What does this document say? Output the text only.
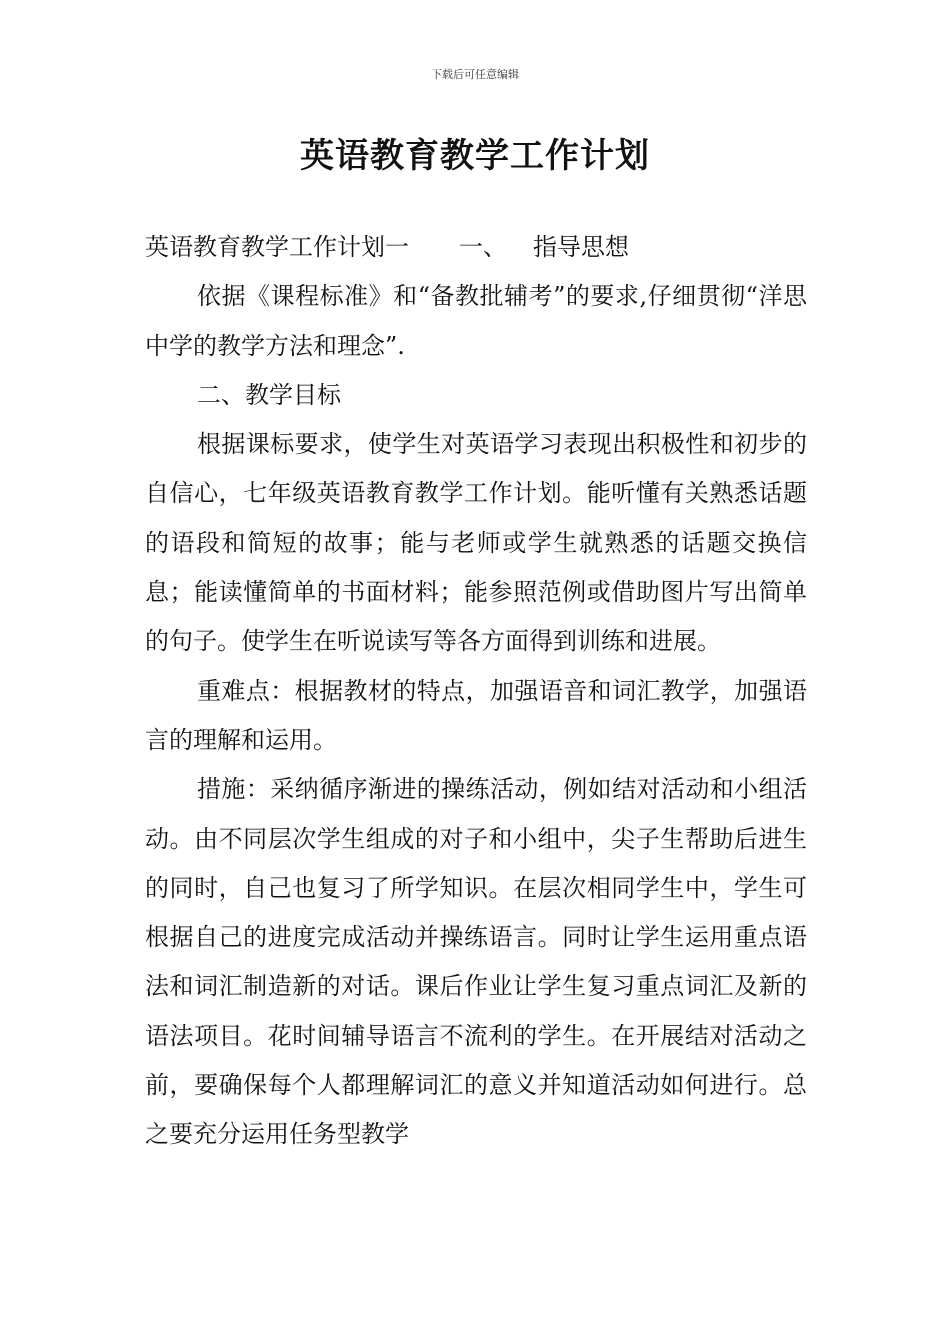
下载后可任意编辑
英语教育教学工作计划

英语教育教学工作计划一 一、 指导思想

依据《课程标准》和“备教批辅考”的要求,仔细贯彻“洋思中学的教学方法和理念”.

二、教学目标

根据课标要求，使学生对英语学习表现出积极性和初步的自信心，七年级英语教育教学工作计划。能听懂有关熟悉话题的语段和简短的故事；能与老师或学生就熟悉的话题交换信息；能读懂简单的书面材料；能参照范例或借助图片写出简单的句子。使学生在听说读写等各方面得到训练和进展。

重难点：根据教材的特点，加强语音和词汇教学，加强语言的理解和运用。

措施：采纳循序渐进的操练活动，例如结对活动和小组活动。由不同层次学生组成的对子和小组中，尖子生帮助后进生的同时，自己也复习了所学知识。在层次相同学生中，学生可根据自己的进度完成活动并操练语言。同时让学生运用重点语法和词汇制造新的对话。课后作业让学生复习重点词汇及新的语法项目。花时间辅导语言不流利的学生。在开展结对活动之前，要确保每个人都理解词汇的意义并知道活动如何进行。总之要充分运用任务型教学
